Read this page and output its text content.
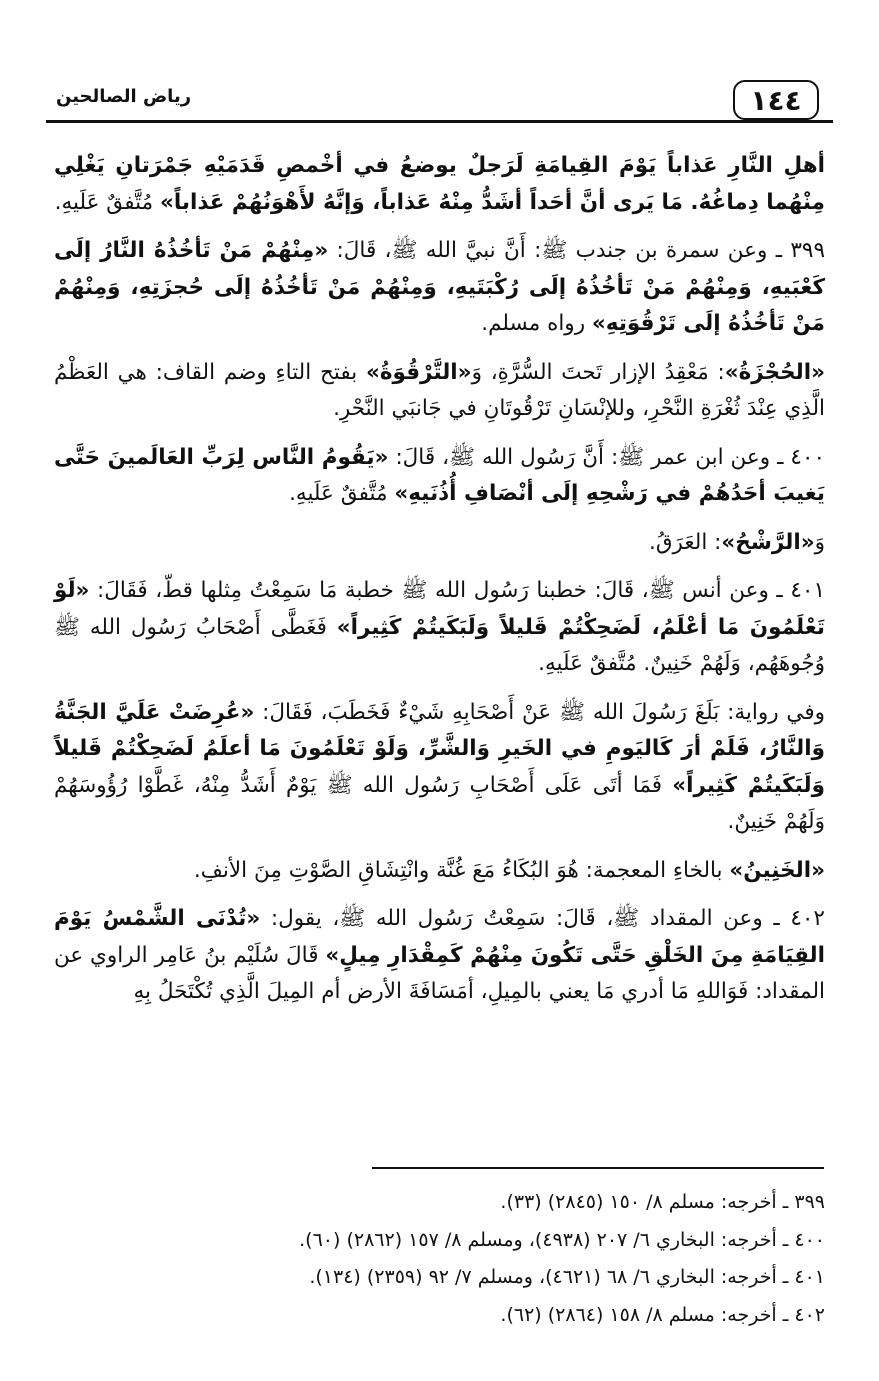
١٤٤
رياض الصالحين

أهلِ النَّارِ عَذاباً يَوْمَ القِيامَةِ لَرَجلٌ يوضعُ في أخْمصِ قَدَمَيْهِ جَمْرَتانِ يَغْلِي مِنْهُما دِماغُهُ. مَا يَرى أنَّ أحَداً أشَدُّ مِنْهُ عَذاباً، وَإنَّهُ لأَهْوَنُهُمْ عَذاباً» مُتَّفقٌ عَلَيهِ.

٣٩٩ ـ وعن سمرة بن جندب ﷺ: أَنَّ نبيَّ الله ﷺ، قَالَ: «مِنْهُمْ مَنْ تَأخُذُهُ النَّارُ إلَى كَعْبَيهِ، وَمِنْهُمْ مَنْ تَأخُذُهُ إلَى رُكْبَتَيهِ، وَمِنْهُمْ مَنْ تَأخُذُهُ إلَى حُجزَتِهِ، وَمِنْهُمْ مَنْ تَأخُذُهُ إلَى تَرْقُوَتِهِ» رواه مسلم.

«الحُجْزَةُ»: مَعْقِدُ الإزار تَحتَ السُّرَّةِ، وَ«التَّرْقُوَةُ» بفتح التاءِ وضم القاف: هي العَظْمُ الَّذِي عِنْدَ ثُغْرَةِ النَّحْرِ، وللإنْسَانِ تَرْقُوتَانِ في جَانبَي النَّحْرِ.

٤٠٠ ـ وعن ابن عمر ﷺ: أَنَّ رَسُول الله ﷺ، قَالَ: «يَقُومُ النَّاس لِرَبِّ العَالَمينَ حَتَّى يَغيبَ أحَدُهُمْ في رَشْحِهِ إلَى أنْصَافِ أُذُنَيهِ» مُتَّفقٌ عَلَيهِ.

وَ«الرَّشْحُ»: العَرَقُ.

٤٠١ ـ وعن أنس ﷺ، قَالَ: خطبنا رَسُول الله ﷺ خطبة مَا سَمِعْتُ مِثلها قطّ، فَقَالَ: «لَوْ تَعْلَمُونَ مَا أعْلَمُ، لَضَحِكْتُمْ قَليلاً وَلَبَكَيتُمْ كَثِيراً» فَغَطَّى أَصْحَابُ رَسُول الله ﷺ وُجُوهَهُم، وَلَهُمْ خَنِينٌ. مُتَّفقٌ عَلَيهِ.

وفي رواية: بَلَغَ رَسُولَ الله ﷺ عَنْ أَصْحَابِهِ شَيْءٌ فَخَطَبَ، فَقَالَ: «عُرِضَتْ عَلَيَّ الجَنَّةُ وَالنَّارُ، فَلَمْ أرَ كَاليَومِ في الخَيرِ وَالشَّرِّ، وَلَوْ تَعْلَمُونَ مَا أعلَمُ لَضَحِكْتُمْ قَليلاً وَلَبَكَيتُمْ كَثِيراً» فَمَا أتَى عَلَى أَصْحَابِ رَسُول الله ﷺ يَوْمٌ أَشَدُّ مِنْهُ، غَطَّوْا رُؤُوسَهُمْ وَلَهُمْ خَنِينٌ.

«الخَنِينُ» بالخاءِ المعجمة: هُوَ البُكَاءُ مَعَ غُنَّة وانْتِشَاقِ الصَّوْتِ مِنَ الأنفِ.

٤٠٢ ـ وعن المقداد ﷺ، قَالَ: سَمِعْتُ رَسُول الله ﷺ، يقول: «تُدْنَى الشَّمْسُ يَوْمَ القِيَامَةِ مِنَ الخَلْقِ حَتَّى تَكُونَ مِنْهُمْ كَمِقْدَارِ مِيلٍ» قَالَ سُلَيْم بنُ عَامِر الراوي عن المقداد: فَوَاللهِ مَا أدري مَا يعني بالمِيلِ، أمَسَافَةَ الأرض أم المِيلَ الَّذِي تُكْتَحَلُ بِهِ

٣٩٩ ـ أخرجه: مسلم ٨/ ١٥٠ (٢٨٤٥) (٣٣).

٤٠٠ ـ أخرجه: البخاري ٦/ ٢٠٧ (٤٩٣٨)، ومسلم ٨/ ١٥٧ (٢٨٦٢) (٦٠).

٤٠١ ـ أخرجه: البخاري ٦/ ٦٨ (٤٦٢١)، ومسلم ٧/ ٩٢ (٢٣٥٩) (١٣٤).

٤٠٢ ـ أخرجه: مسلم ٨/ ١٥٨ (٢٨٦٤) (٦٢).
